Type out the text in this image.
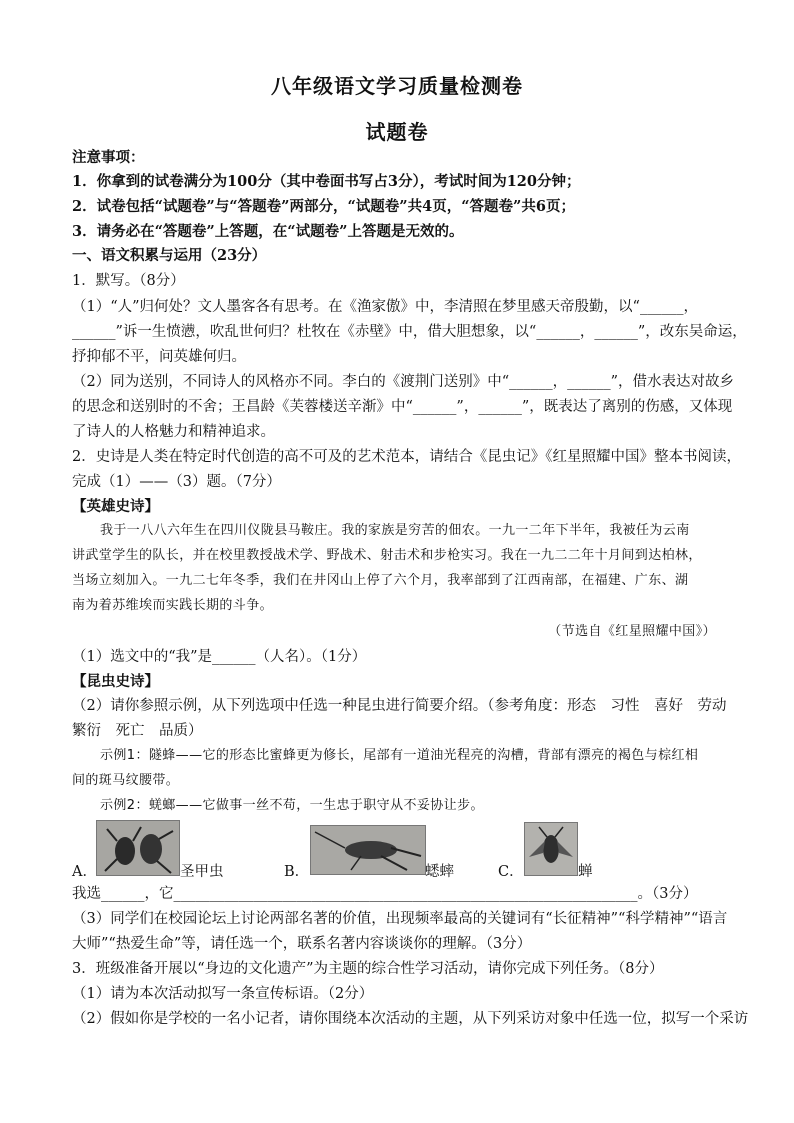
八年级语文学习质量检测卷
试题卷
注意事项：
1．你拿到的试卷满分为100分（其中卷面书写占3分），考试时间为120分钟；
2．试卷包括“试题卷”与“答题卷”两部分，“试题卷”共4页，“答题卷”共6页；
3．请务必在“答题卷”上答题，在“试题卷”上答题是无效的。
一、语文积累与运用（23分）
1．默写。（8分）
（1）“人”归何处？文人墨客各有思考。在《渔家傲》中，李清照在梦里感天帝殷勤，以“______，
______”诉一生愤懑，吹乱世何归？杜牧在《赤壁》中，借大胆想象，以“______，______”，改东吴命运，
抒抑郁不平，问英雄何归。
（2）同为送别，不同诗人的风格亦不同。李白的《渡荆门送别》中“______，______”，借水表达对故乡
的思念和送别时的不舍；王昌龄《芙蓉楼送辛渐》中“______”，______”，既表达了离别的伤感，又体现
了诗人的人格魅力和精神追求。
2．史诗是人类在特定时代创造的高不可及的艺术范本，请结合《昆虫记》《红星照耀中国》整本书阅读，
完成（1）——（3）题。（7分）
【英雄史诗】
我于一八八六年生在四川仪陇县马鞍庄。我的家族是穷苦的佃农。一九一二年下半年，我被任为云南
讲武堂学生的队长，并在校里教授战术学、野战术、射击术和步枪实习。我在一九二二年十月间到达柏林，
当场立刻加入。一九二七年冬季，我们在井冈山上停了六个月，我率部到了江西南部，在福建、广东、湖
南为着苏维埃而实践长期的斗争。
（节选自《红星照耀中国》）
（1）选文中的“我”是______（人名）。（1分）
【昆虫史诗】
（2）请你参照示例，从下列选项中任选一种昆虫进行简要介绍。（参考角度：形态　习性　喜好　劳动
繁衍　死亡　品质）
示例1：隧蜂——它的形态比蜜蜂更为修长，尾部有一道油光程亮的沟槽，背部有漂亮的褐色与棕红相
间的斑马纹腰带。
示例2：蜣螂——它做事一丝不苟，一生忠于职守从不妥协让步。
A．	圣甲虫	B．	蟋蟀	C．	蝉
我选______，它________________________________________________________________。（3分）
（3）同学们在校园论坛上讨论两部名著的价值，出现频率最高的关键词有“长征精神”“科学精神”“语言
大师”“热爱生命”等，请任选一个，联系名著内容谈谈你的理解。（3分）
3．班级准备开展以“身边的文化遗产”为主题的综合性学习活动，请你完成下列任务。（8分）
（1）请为本次活动拟写一条宣传标语。（2分）
（2）假如你是学校的一名小记者，请你围绕本次活动的主题，从下列采访对象中任选一位，拟写一个采访
